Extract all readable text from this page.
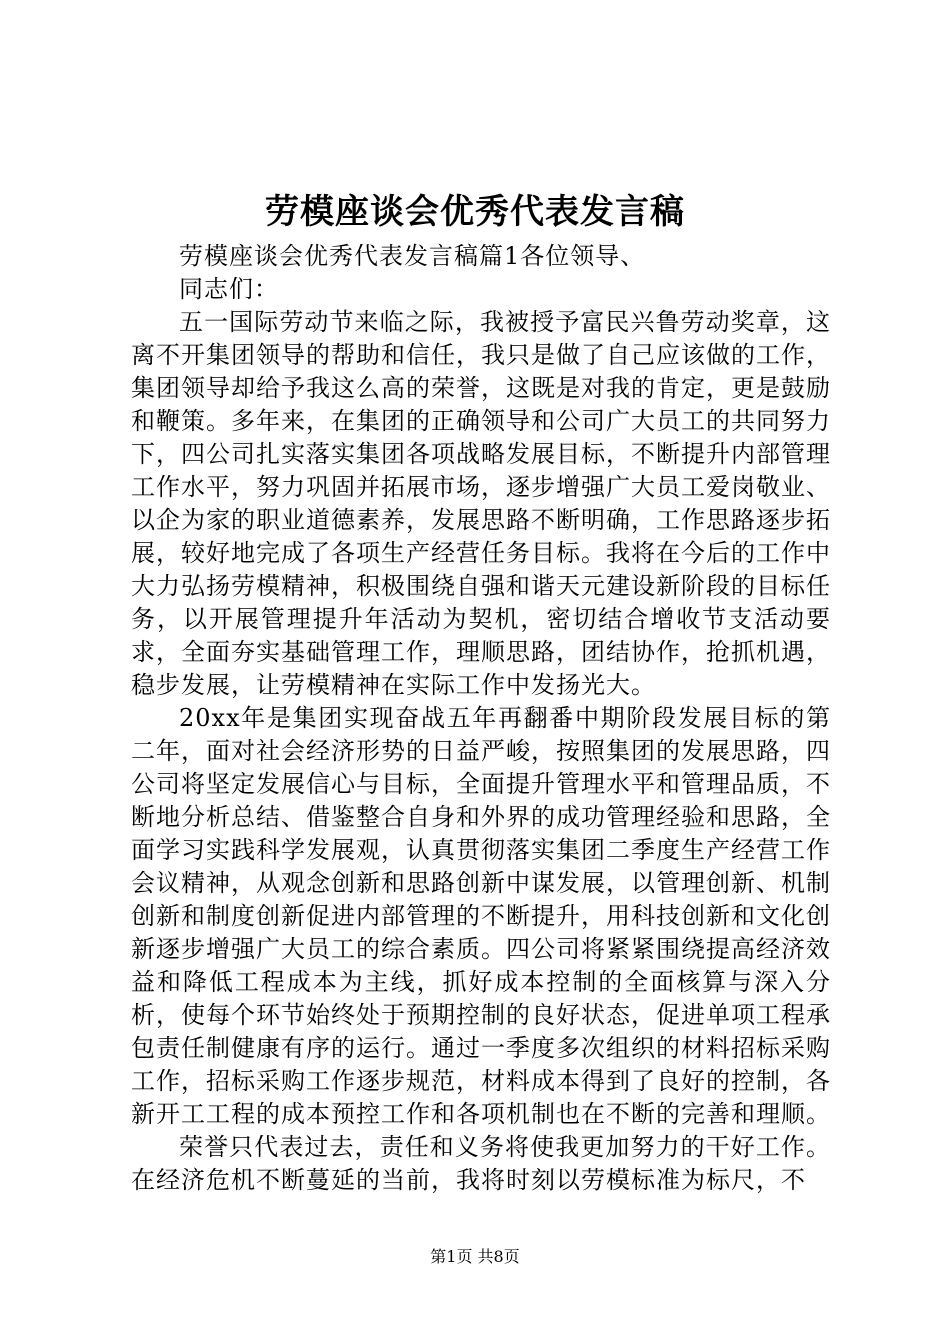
劳模座谈会优秀代表发言稿
劳模座谈会优秀代表发言稿篇1各位领导、
同志们：
五一国际劳动节来临之际，我被授予富民兴鲁劳动奖章，这离不开集团领导的帮助和信任，我只是做了自己应该做的工作，集团领导却给予我这么高的荣誉，这既是对我的肯定，更是鼓励和鞭策。多年来，在集团的正确领导和公司广大员工的共同努力下，四公司扎实落实集团各项战略发展目标，不断提升内部管理工作水平，努力巩固并拓展市场，逐步增强广大员工爱岗敬业、以企为家的职业道德素养，发展思路不断明确，工作思路逐步拓展，较好地完成了各项生产经营任务目标。我将在今后的工作中大力弘扬劳模精神，积极围绕自强和谐天元建设新阶段的目标任务，以开展管理提升年活动为契机，密切结合增收节支活动要求，全面夯实基础管理工作，理顺思路，团结协作，抢抓机遇，稳步发展，让劳模精神在实际工作中发扬光大。
20xx年是集团实现奋战五年再翻番中期阶段发展目标的第二年，面对社会经济形势的日益严峻，按照集团的发展思路，四公司将坚定发展信心与目标，全面提升管理水平和管理品质，不断地分析总结、借鉴整合自身和外界的成功管理经验和思路，全面学习实践科学发展观，认真贯彻落实集团二季度生产经营工作会议精神，从观念创新和思路创新中谋发展，以管理创新、机制创新和制度创新促进内部管理的不断提升，用科技创新和文化创新逐步增强广大员工的综合素质。四公司将紧紧围绕提高经济效益和降低工程成本为主线，抓好成本控制的全面核算与深入分析，使每个环节始终处于预期控制的良好状态，促进单项工程承包责任制健康有序的运行。通过一季度多次组织的材料招标采购工作，招标采购工作逐步规范，材料成本得到了良好的控制，各新开工工程的成本预控工作和各项机制也在不断的完善和理顺。
荣誉只代表过去，责任和义务将使我更加努力的干好工作。在经济危机不断蔓延的当前，我将时刻以劳模标准为标尺，不
第1页 共8页
